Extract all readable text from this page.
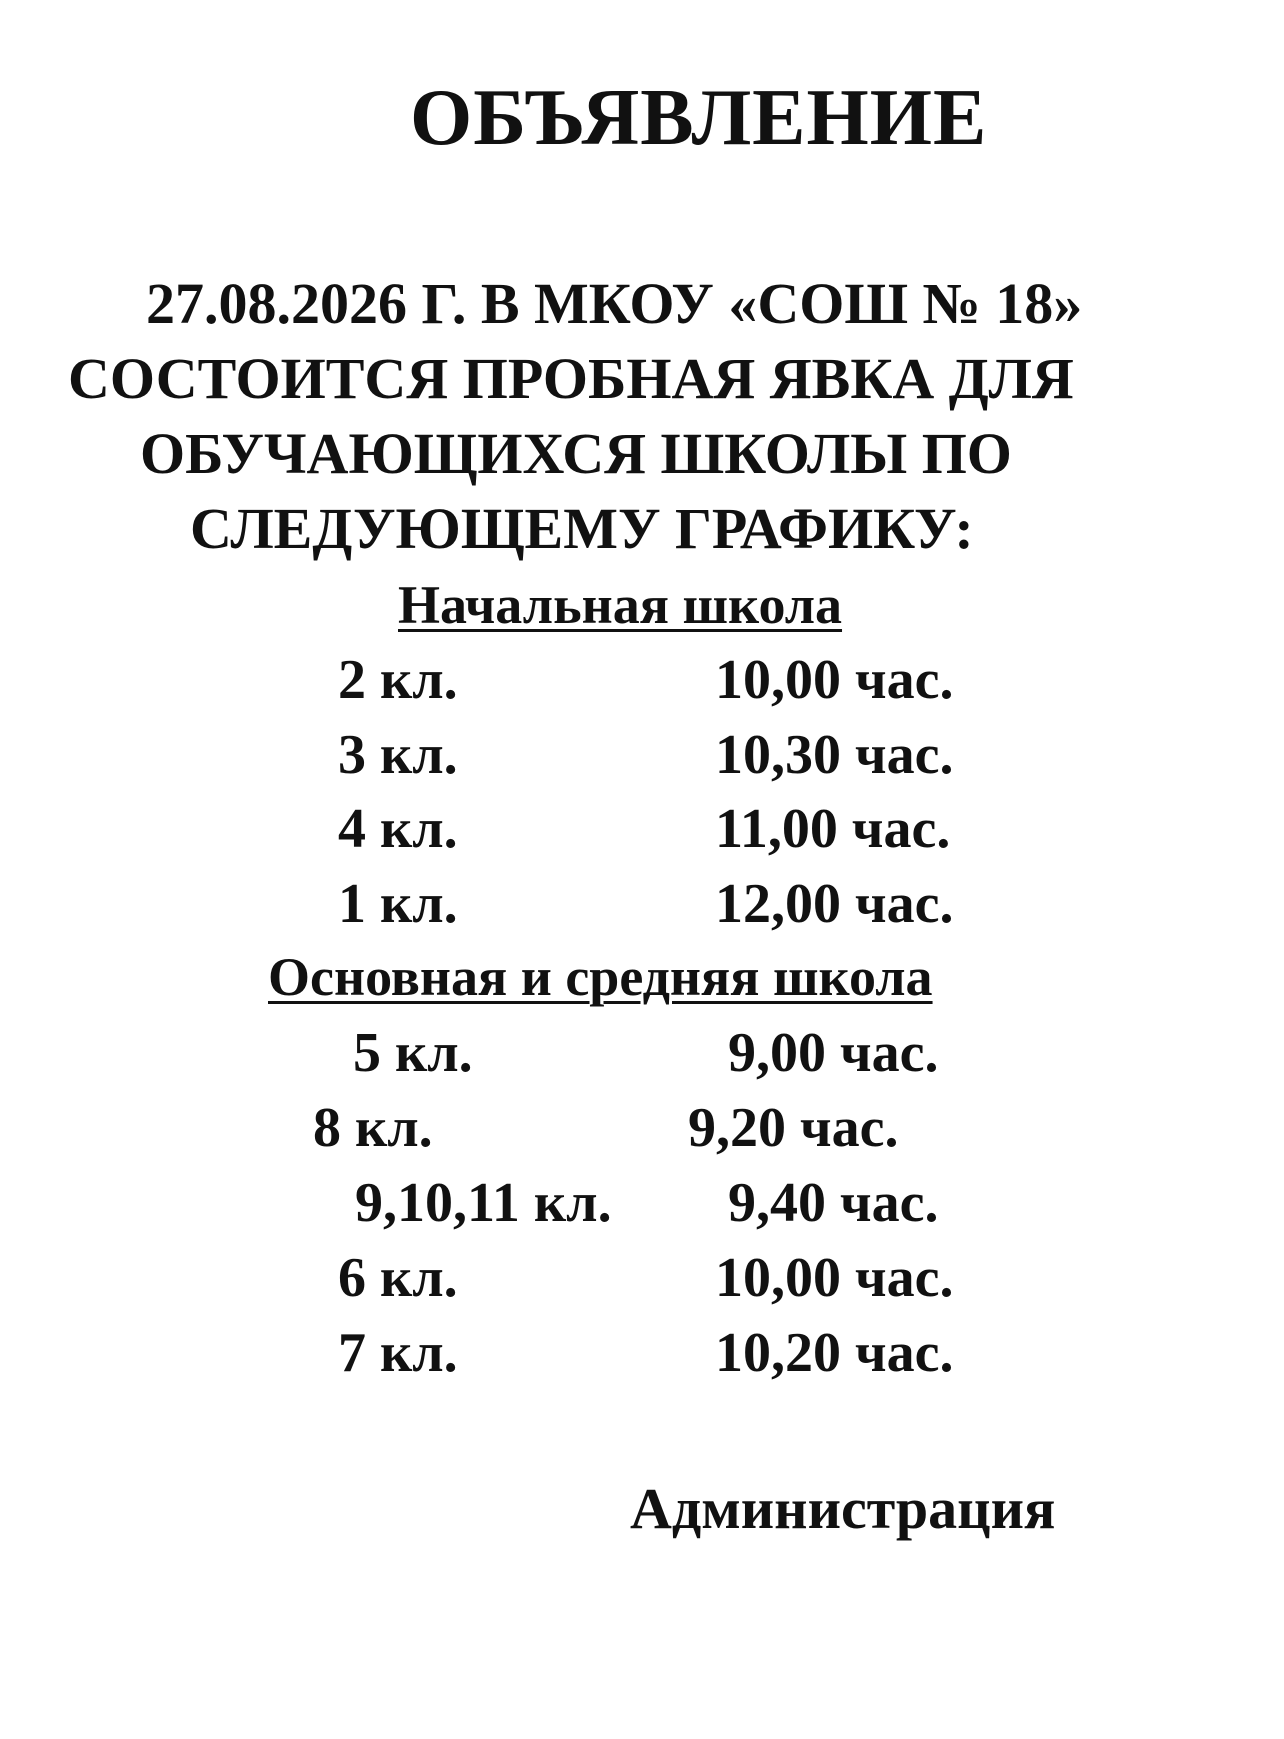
ОБЪЯВЛЕНИЕ
27.08.2026 Г. В МКОУ «СОШ № 18»
СОСТОИТСЯ ПРОБНАЯ ЯВКА ДЛЯ
ОБУЧАЮЩИХСЯ ШКОЛЫ ПО
СЛЕДУЮЩЕМУ ГРАФИКУ:
Начальная школа
2 кл.	10,00 час.
3 кл.	10,30 час.
4 кл.	11,00 час.
1 кл.	12,00 час.
Основная и средняя школа
5 кл.	9,00 час.
8 кл.	9,20 час.
9,10,11 кл. 9,40 час.
6 кл.	10,00 час.
7 кл.	10,20 час.
Администрация
